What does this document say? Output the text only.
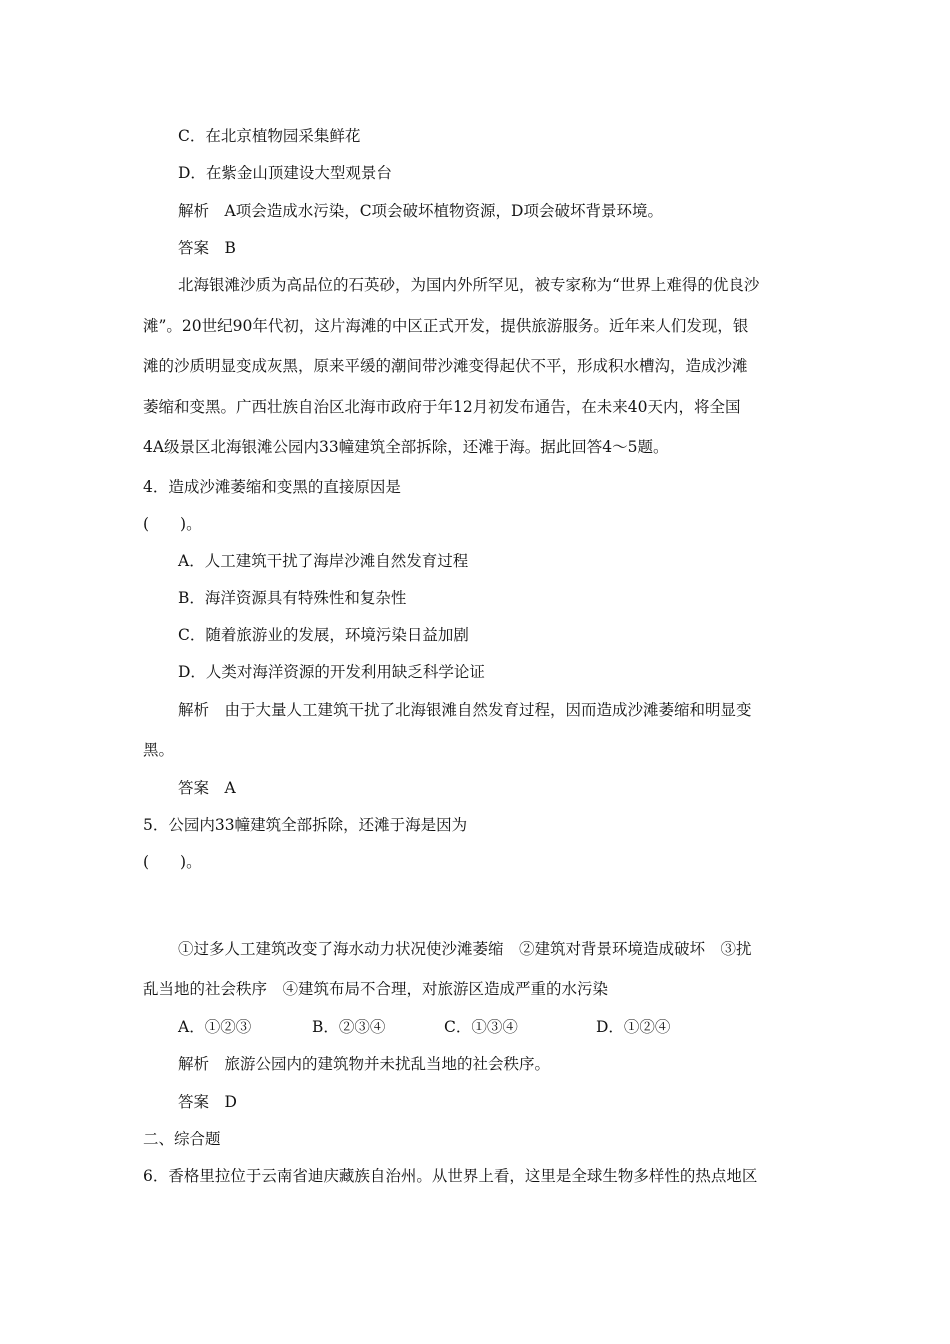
C．在北京植物园采集鲜花
D．在紫金山顶建设大型观景台
解析　A项会造成水污染，C项会破坏植物资源，D项会破坏背景环境。
答案　B
北海银滩沙质为高品位的石英砂，为国内外所罕见，被专家称为“世界上难得的优良沙
滩”。20世纪90年代初，这片海滩的中区正式开发，提供旅游服务。近年来人们发现，银
滩的沙质明显变成灰黑，原来平缓的潮间带沙滩变得起伏不平，形成积水槽沟，造成沙滩
萎缩和变黑。广西壮族自治区北海市政府于年12月初发布通告，在未来40天内，将全国
4A级景区北海银滩公园内33幢建筑全部拆除，还滩于海。据此回答4～5题。
4．造成沙滩萎缩和变黑的直接原因是
(　　)。
A．人工建筑干扰了海岸沙滩自然发育过程
B．海洋资源具有特殊性和复杂性
C．随着旅游业的发展，环境污染日益加剧
D．人类对海洋资源的开发利用缺乏科学论证
解析　由于大量人工建筑干扰了北海银滩自然发育过程，因而造成沙滩萎缩和明显变
黑。
答案　A
5．公园内33幢建筑全部拆除，还滩于海是因为
(　　)。
①过多人工建筑改变了海水动力状况使沙滩萎缩　②建筑对背景环境造成破坏　③扰
乱当地的社会秩序　④建筑布局不合理，对旅游区造成严重的水污染
A．①②③	B．②③④	C．①③④	D．①②④
解析　旅游公园内的建筑物并未扰乱当地的社会秩序。
答案　D
二、综合题
6．香格里拉位于云南省迪庆藏族自治州。从世界上看，这里是全球生物多样性的热点地区
